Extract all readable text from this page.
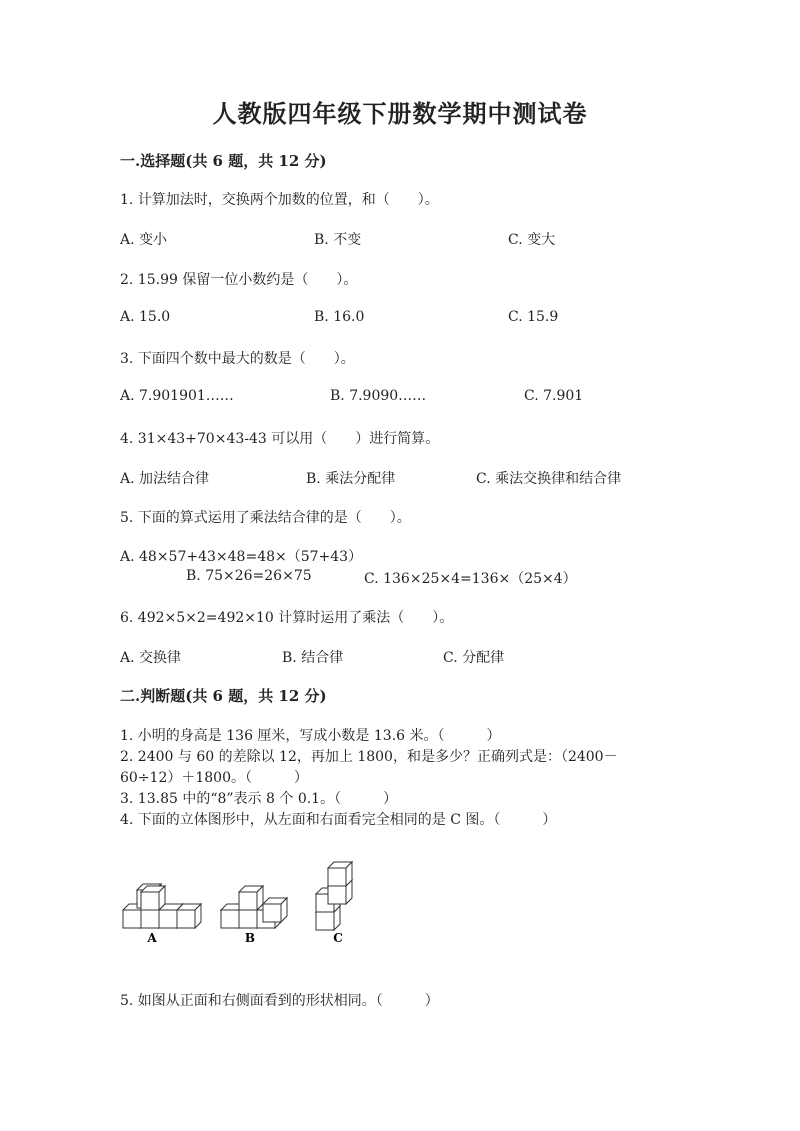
人教版四年级下册数学期中测试卷
一.选择题(共 6 题，共 12 分)
1. 计算加法时，交换两个加数的位置，和（　　）。
A. 变小	B. 不变	C. 变大
2. 15.99 保留一位小数约是（　　）。
A. 15.0	B. 16.0	C. 15.9
3. 下面四个数中最大的数是（　　）。
A. 7.901901……	B. 7.9090……	C. 7.901
4. 31×43+70×43-43 可以用（　　）进行简算。
A. 加法结合律	B. 乘法分配律	C. 乘法交换律和结合律
5. 下面的算式运用了乘法结合律的是（　　）。
A. 48×57+43×48=48×（57+43）
B. 75×26=26×75	C. 136×25×4=136×（25×4）
6. 492×5×2=492×10 计算时运用了乘法（　　）。
A. 交换律	B. 结合律	C. 分配律
二.判断题(共 6 题，共 12 分)
1. 小明的身高是 136 厘米，写成小数是 13.6 米。（　　　）
2. 2400 与 60 的差除以 12，再加上 1800，和是多少？正确列式是：（2400－
60÷12）＋1800。（　　　）
3. 13.85 中的“8”表示 8 个 0.1。（　　　）
4. 下面的立体图形中，从左面和右面看完全相同的是 C 图。（　　　）
A	B	C
5. 如图从正面和右侧面看到的形状相同。（　　　）
